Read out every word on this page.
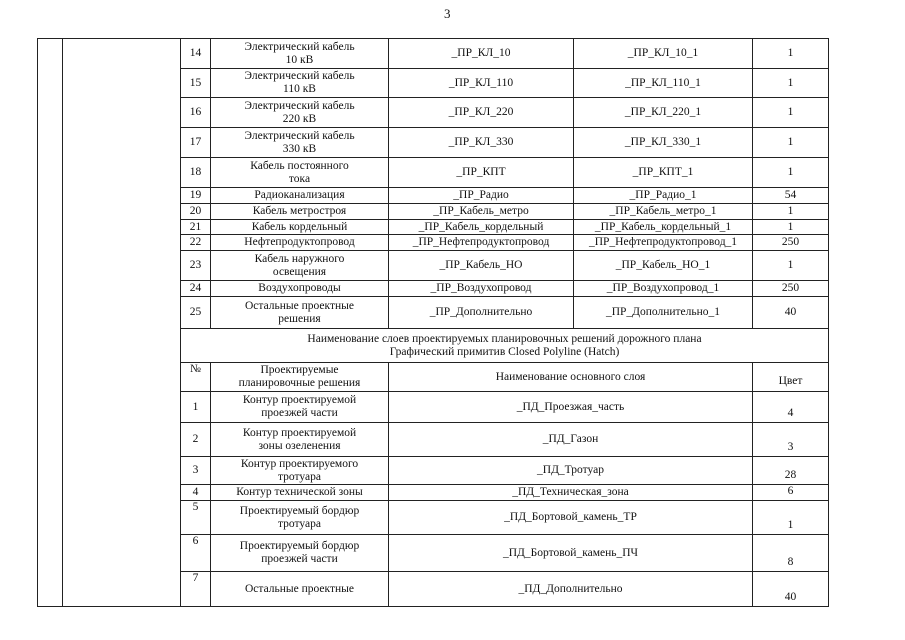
3
		14	Электрический кабель
10 кВ	_ПР_КЛ_10	_ПР_КЛ_10_1	1
		15	Электрический кабель
110 кВ	_ПР_КЛ_110	_ПР_КЛ_110_1	1
		16	Электрический кабель
220 кВ	_ПР_КЛ_220	_ПР_КЛ_220_1	1
		17	Электрический кабель
330 кВ	_ПР_КЛ_330	_ПР_КЛ_330_1	1
		18	Кабель постоянного
тока	_ПР_КПТ	_ПР_КПТ_1	1
		19	Радиоканализация	_ПР_Радио	_ПР_Радио_1	54
		20	Кабель метростроя	_ПР_Кабель_метро	_ПР_Кабель_метро_1	1
		21	Кабель кордельный	_ПР_Кабель_кордельный	_ПР_Кабель_кордельный_1	1
		22	Нефтепродуктопровод	_ПР_Нефтепродуктопровод	_ПР_Нефтепродуктопровод_1	250
		23	Кабель наружного
освещения	_ПР_Кабель_НО	_ПР_Кабель_НО_1	1
		24	Воздухопроводы	_ПР_Воздухопровод	_ПР_Воздухопровод_1	250
		25	Остальные проектные
решения	_ПР_Дополнительно	_ПР_Дополнительно_1	40

		Наименование слоев проектируемых планировочных решений дорожного плана
Графический примитив Closed Polyline (Hatch)				

		№	Проектируемые
планировочные решения	Наименование основного слоя		Цвет
		1	Контур проектируемой
проезжей части	_ПД_Проезжая_часть		4
		2	Контур проектируемой
зоны озеленения	_ПД_Газон		3
		3	Контур проектируемого
тротуара	_ПД_Тротуар		28
		4	Контур технической зоны	_ПД_Техническая_зона		6
		5	Проектируемый бордюр
тротуара	_ПД_Бортовой_камень_ТР		1
		6	Проектируемый бордюр
проезжей части	_ПД_Бортовой_камень_ПЧ		8
		7	Остальные проектные	_ПД_Дополнительно		40
